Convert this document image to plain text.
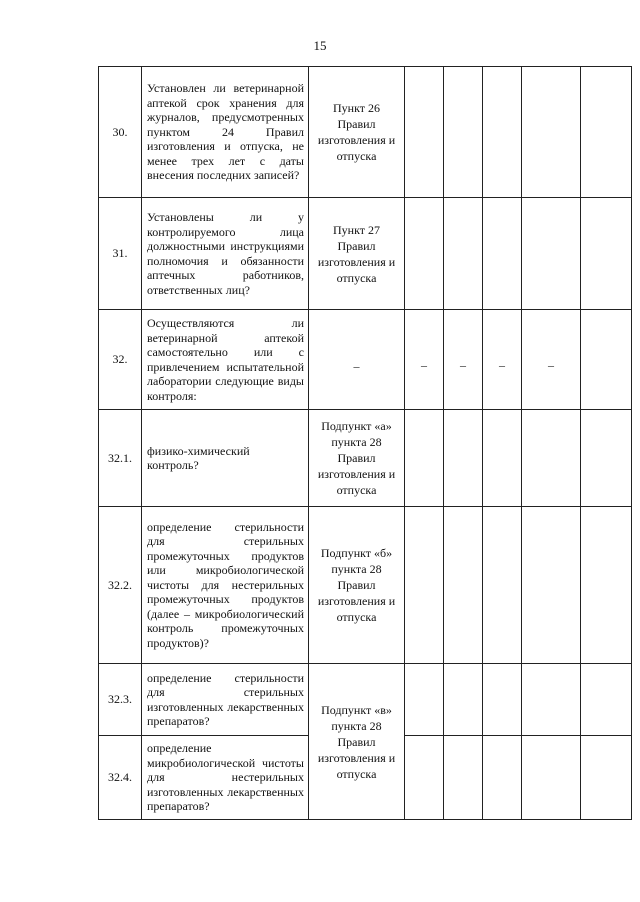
15
30.	Установлен ли ветеринарной аптекой срок хранения для журналов, предусмотренных пунктом 24 Правил изготовления и отпуска, не менее трех лет с даты внесения последних записей?	Пункт 26 Правил изготовления и отпуска					

31.	Установлены ли у контролируемого лица должностными инструкциями полномочия и обязанности аптечных работников, ответственных лиц?	Пункт 27 Правил изготовления и отпуска					

32.	Осуществляются ли ветеринарной аптекой самостоятельно или с привлечением испытательной лаборатории следующие виды контроля:	–	–	–	–	–	
32.1.	физико-химический контроль?	Подпункт «а» пункта 28 Правил изготовления и отпуска					

32.2.	определение стерильности для стерильных промежуточных продуктов или микробиологической чистоты для нестерильных промежуточных продуктов (далее – микробиологический контроль промежуточных продуктов)?	Подпункт «б» пункта 28 Правил изготовления и отпуска					

32.3.	определение стерильности для стерильных изготовленных лекарственных препаратов?	Подпункт «в» пункта 28 Правил изготовления и отпуска					

32.4.	определение микробиологической чистоты для нестерильных изготовленных лекарственных препаратов?						
